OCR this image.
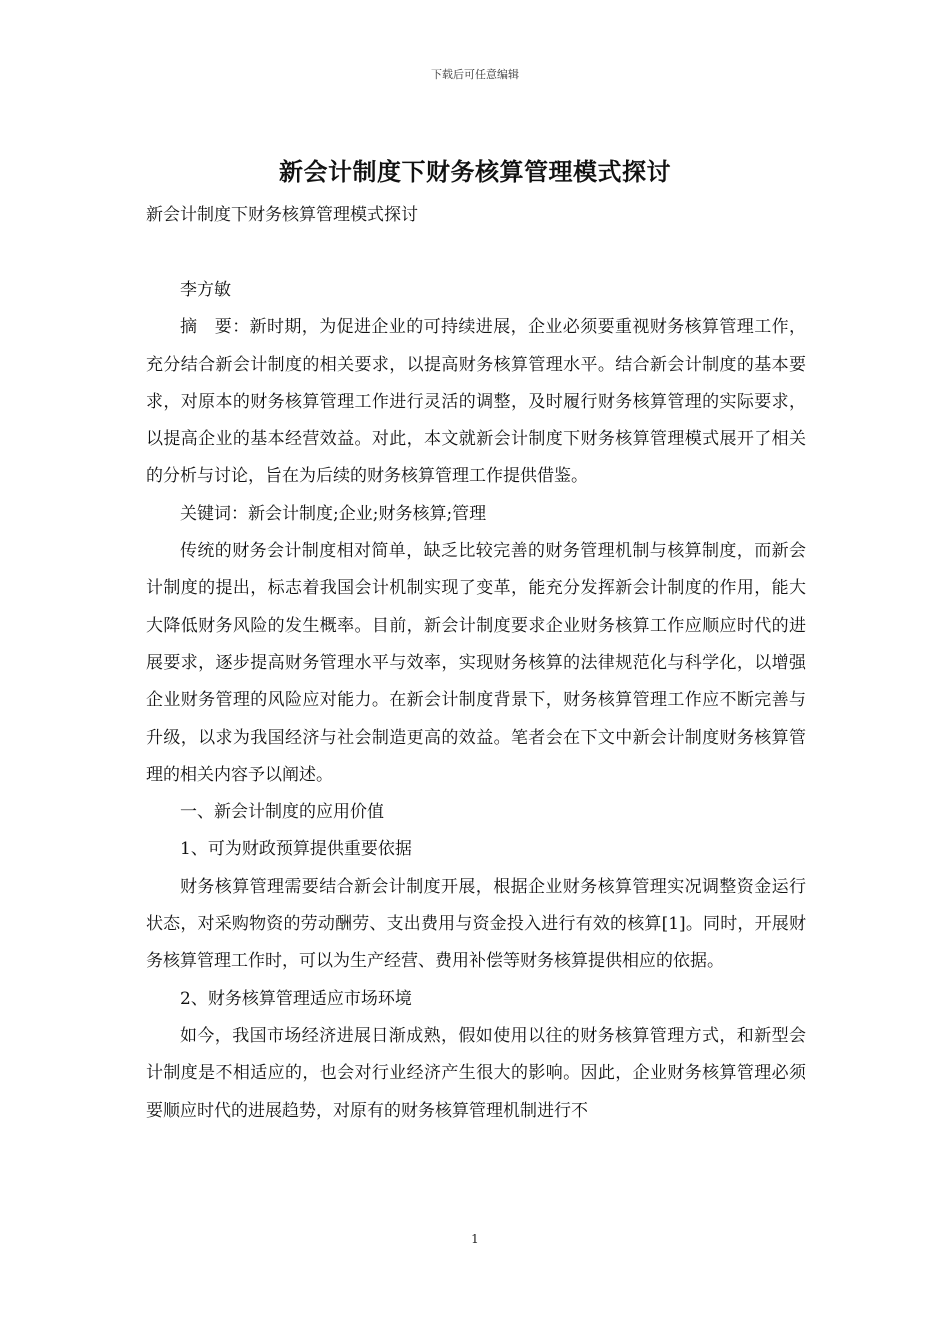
下载后可任意编辑
新会计制度下财务核算管理模式探讨
新会计制度下财务核算管理模式探讨

李方敏

摘　要：新时期，为促进企业的可持续进展，企业必须要重视财务核算管理工作，充分结合新会计制度的相关要求，以提高财务核算管理水平。结合新会计制度的基本要求，对原本的财务核算管理工作进行灵活的调整，及时履行财务核算管理的实际要求，以提高企业的基本经营效益。对此，本文就新会计制度下财务核算管理模式展开了相关的分析与讨论，旨在为后续的财务核算管理工作提供借鉴。

关键词：新会计制度;企业;财务核算;管理

传统的财务会计制度相对简单，缺乏比较完善的财务管理机制与核算制度，而新会计制度的提出，标志着我国会计机制实现了变革，能充分发挥新会计制度的作用，能大大降低财务风险的发生概率。目前，新会计制度要求企业财务核算工作应顺应时代的进展要求，逐步提高财务管理水平与效率，实现财务核算的法律规范化与科学化，以增强企业财务管理的风险应对能力。在新会计制度背景下，财务核算管理工作应不断完善与升级，以求为我国经济与社会制造更高的效益。笔者会在下文中新会计制度财务核算管理的相关内容予以阐述。

一、新会计制度的应用价值

1、可为财政预算提供重要依据

财务核算管理需要结合新会计制度开展，根据企业财务核算管理实况调整资金运行状态，对采购物资的劳动酬劳、支出费用与资金投入进行有效的核算[1]。同时，开展财务核算管理工作时，可以为生产经营、费用补偿等财务核算提供相应的依据。

2、财务核算管理适应市场环境

如今，我国市场经济进展日渐成熟，假如使用以往的财务核算管理方式，和新型会计制度是不相适应的，也会对行业经济产生很大的影响。因此，企业财务核算管理必须要顺应时代的进展趋势，对原有的财务核算管理机制进行不

1
